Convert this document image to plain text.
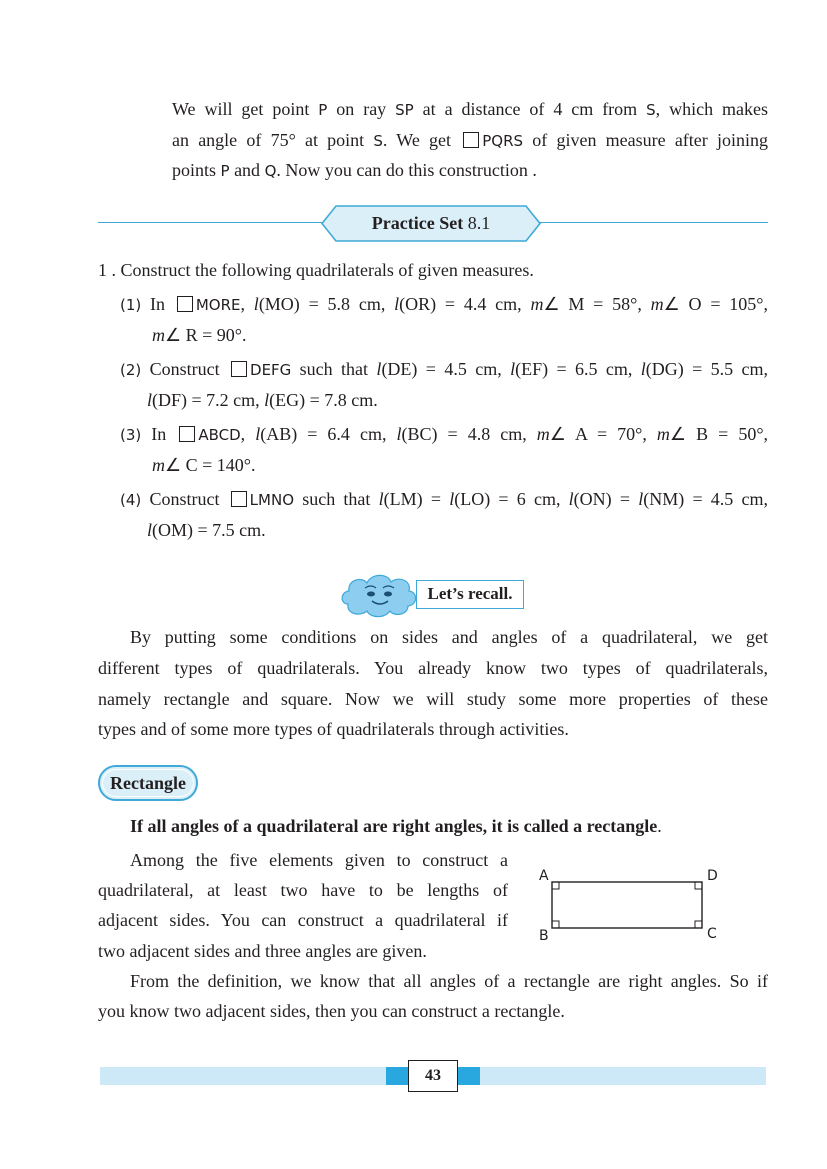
We will get point P on ray SP at a distance of 4 cm from S, which makes
an angle of 75° at point S. We get PQRS of given measure after joining
points P and Q. Now you can do this construction .
Practice Set 8.1
1 . Construct the following quadrilaterals of given measures.
(1) In MORE, l(MO) = 5.8 cm, l(OR) = 4.4 cm, m∠ M = 58°, m∠ O = 105°,
m∠ R = 90°.
(2) Construct DEFG such that l(DE) = 4.5 cm, l(EF) = 6.5 cm, l(DG) = 5.5 cm,
l(DF) = 7.2 cm, l(EG) = 7.8 cm.
(3) In ABCD, l(AB) = 6.4 cm, l(BC) = 4.8 cm, m∠ A = 70°, m∠ B = 50°,
m∠ C = 140°.
(4) Construct LMNO such that l(LM) = l(LO) = 6 cm, l(ON) = l(NM) = 4.5 cm,
l(OM) = 7.5 cm.
Let’s recall.
By putting some conditions on sides and angles of a quadrilateral, we get
different types of quadrilaterals. You already know two types of quadrilaterals,
namely rectangle and square. Now we will study some more properties of these
types and of some more types of quadrilaterals through activities.
Rectangle
If all angles of a quadrilateral are right angles, it is called a rectangle.
Among the five elements given to construct a
quadrilateral, at least two have to be lengths of
adjacent sides. You can construct a quadrilateral if
two adjacent sides and three angles are given.
A	D
B	C
From the definition, we know that all angles of a rectangle are right angles. So if
you know two adjacent sides, then you can construct a rectangle.
43
